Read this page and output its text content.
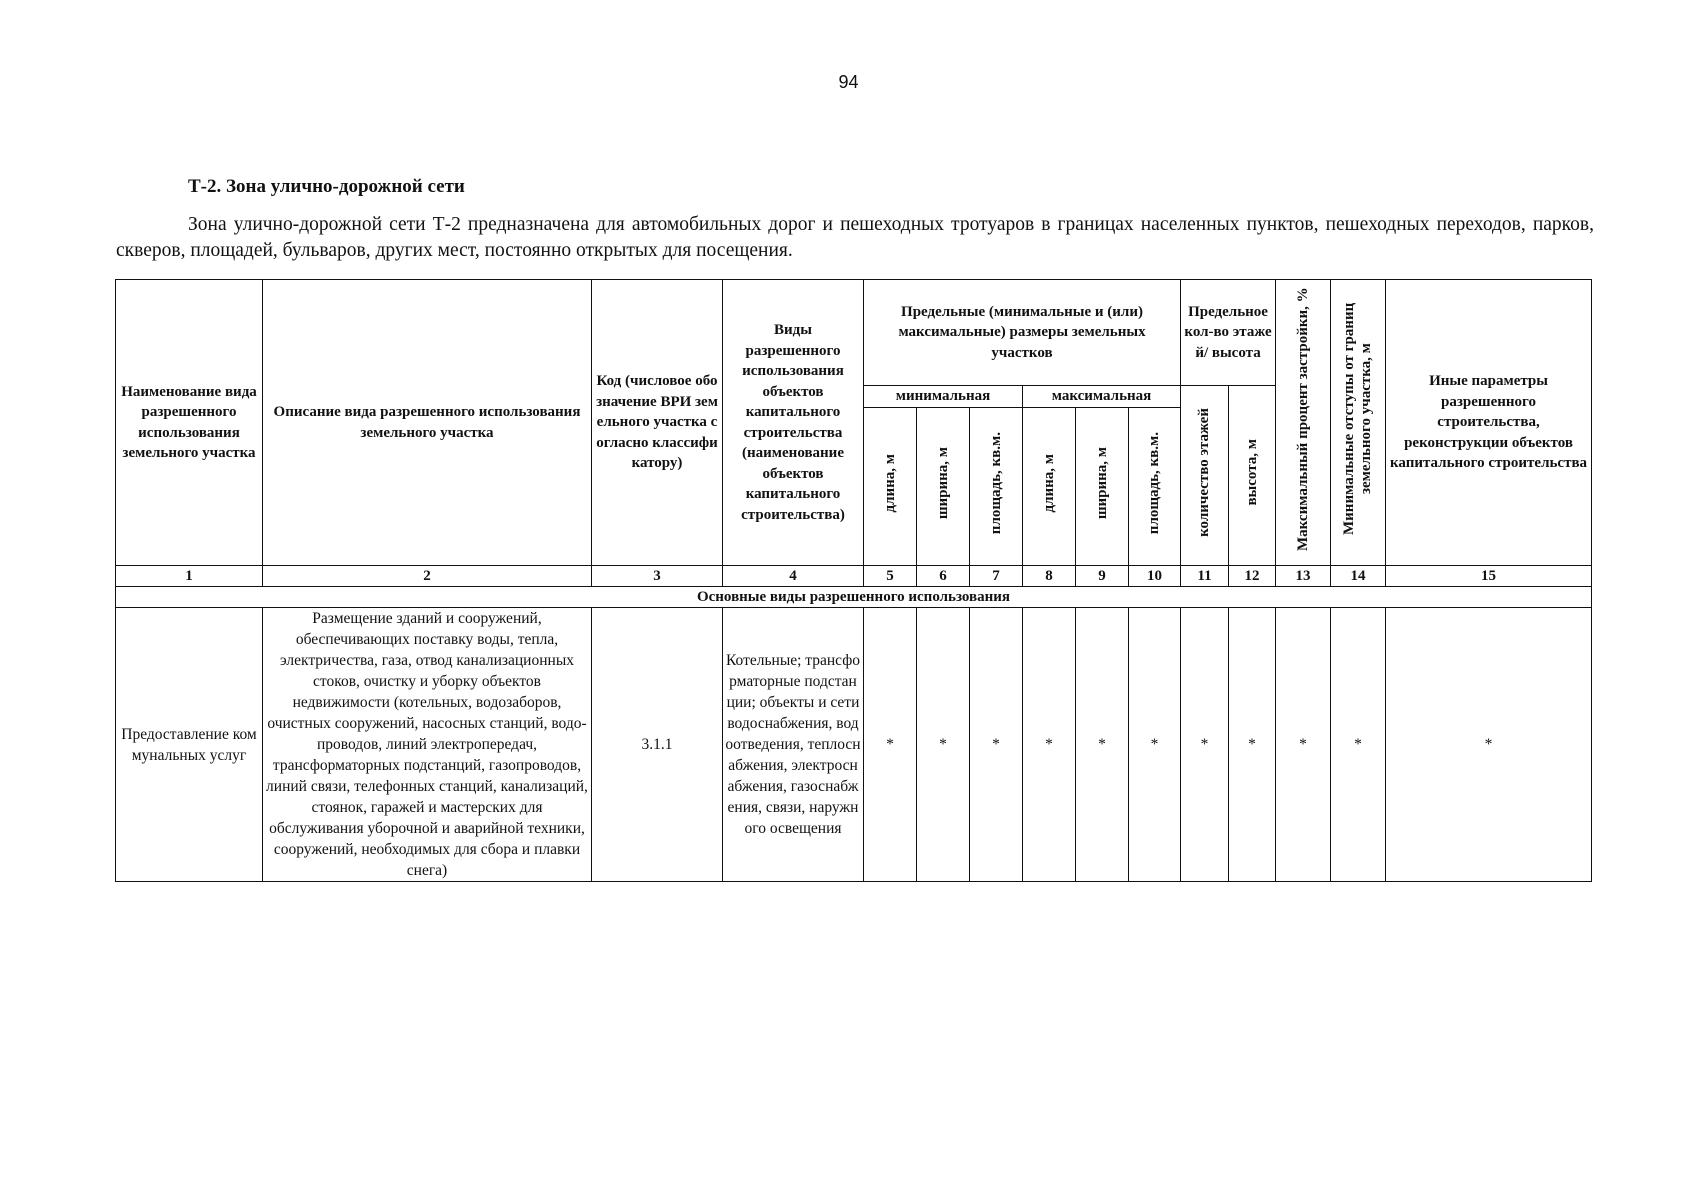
94
Т-2. Зона улично-дорожной сети
Зона улично-дорожной сети Т-2 предназначена для автомобильных дорог и пешеходных тротуаров в границах населенных пунктов, пешеходных переходов, парков, скверов, площадей, бульваров, других мест, постоянно открытых для посещения.
Наименование вида разрешенного использования земельного участка	Описание вида разрешенного использования земельного участка	Код (числовое обозначение ВРИ земельного участка согласно классификатору)	Виды разрешенного использования объектов капитального строительства (наименование объектов капитального строительства)	Предельные (минимальные и (или) максимальные) размеры земельных участков						Предельное кол-во этажей/ высота		Максимальный процент застройки, %	Минимальные отступы от границ земельного участка, м	Иные параметры разрешенного строительства, реконструкции объектов капитального строительства
				минимальная			максимальная			количество этажей	высота, м			
				длина, м	ширина, м	площадь, кв.м.	длина, м	ширина, м	площадь, кв.м.					
1	2	3	4	5	6	7	8	9	10	11	12	13	14	15
Основные виды разрешенного использования														
Предоставление коммунальных услуг	Размещение зданий и сооружений, обеспечивающих поставку воды, тепла, электричества, газа, отвод канализационных стоков, очистку и уборку объектов недвижимости (котельных, водозаборов, очистных сооружений, насосных станций, водо-проводов, линий электропередач, трансформаторных подстанций, газопроводов, линий связи, телефонных станций, канализаций, стоянок, гаражей и мастерских для обслуживания уборочной и аварийной техники, сооружений, необходимых для сбора и плавки снега)	3.1.1	Котельные; трансформаторные подстанции; объекты и сети водоснабжения, водоотведения, теплоснабжения, электроснабжения, газоснабжения, связи, наружного освещения	*	*	*	*	*	*	*	*	*	*	*
